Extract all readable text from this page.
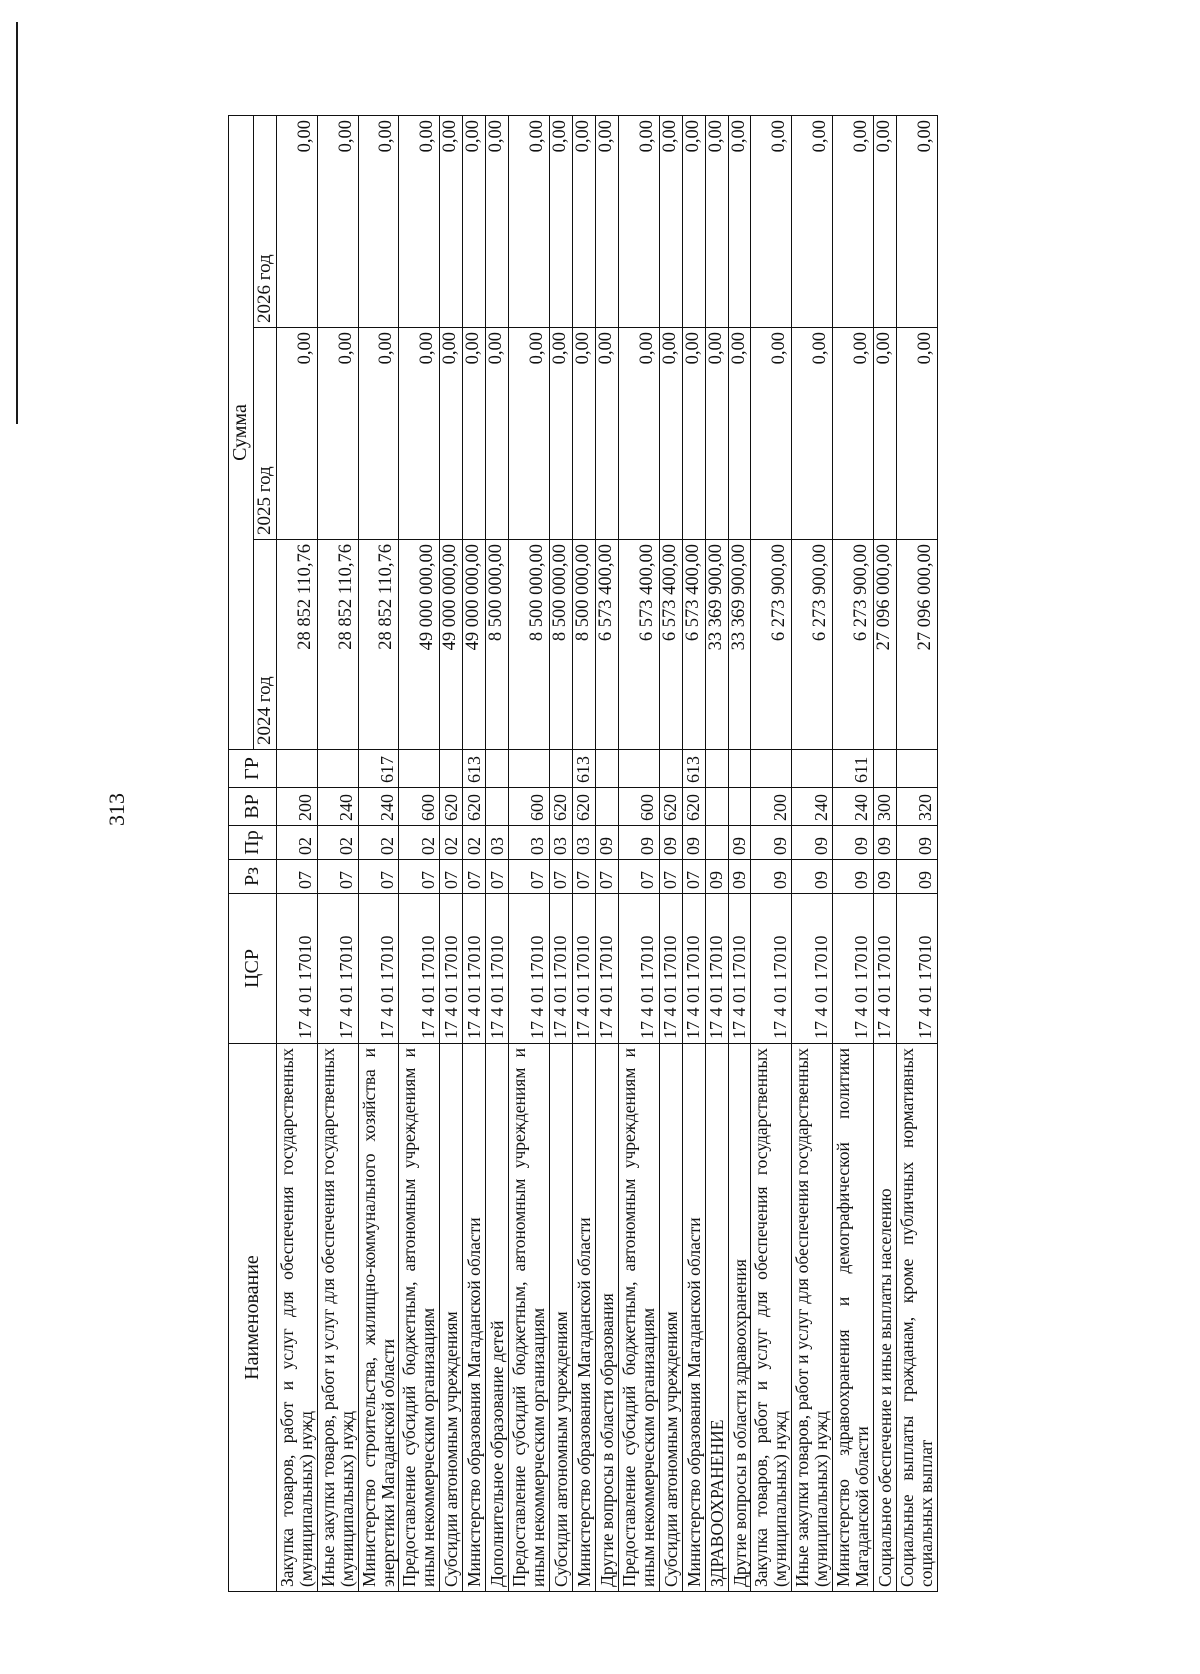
313
Наименование	ЦСР	Рз	Пр	ВР	ГР	Сумма		
						2024 год	2025 год	2026 год
Закупка товаров, работ и услуг для обеспечения государственных (муниципальных) нужд	17 4 01 17010	07	02	200		28 852 110,76	0,00	0,00
Иные закупки товаров, работ и услуг для обеспечения государственных (муниципальных) нужд	17 4 01 17010	07	02	240		28 852 110,76	0,00	0,00
Министерство строительства, жилищно-коммунального хозяйства и энергетики Магаданской области	17 4 01 17010	07	02	240	617	28 852 110,76	0,00	0,00
Предоставление субсидий бюджетным, автономным учреждениям и иным некоммерческим организациям	17 4 01 17010	07	02	600		49 000 000,00	0,00	0,00
Субсидии автономным учреждениям	17 4 01 17010	07	02	620		49 000 000,00	0,00	0,00
Министерство образования Магаданской области	17 4 01 17010	07	02	620	613	49 000 000,00	0,00	0,00
Дополнительное образование детей	17 4 01 17010	07	03			8 500 000,00	0,00	0,00
Предоставление субсидий бюджетным, автономным учреждениям и иным некоммерческим организациям	17 4 01 17010	07	03	600		8 500 000,00	0,00	0,00
Субсидии автономным учреждениям	17 4 01 17010	07	03	620		8 500 000,00	0,00	0,00
Министерство образования Магаданской области	17 4 01 17010	07	03	620	613	8 500 000,00	0,00	0,00
Другие вопросы в области образования	17 4 01 17010	07	09			6 573 400,00	0,00	0,00
Предоставление субсидий бюджетным, автономным учреждениям и иным некоммерческим организациям	17 4 01 17010	07	09	600		6 573 400,00	0,00	0,00
Субсидии автономным учреждениям	17 4 01 17010	07	09	620		6 573 400,00	0,00	0,00
Министерство образования Магаданской области	17 4 01 17010	07	09	620	613	6 573 400,00	0,00	0,00
ЗДРАВООХРАНЕНИЕ	17 4 01 17010	09				33 369 900,00	0,00	0,00
Другие вопросы в области здравоохранения	17 4 01 17010	09	09			33 369 900,00	0,00	0,00
Закупка товаров, работ и услуг для обеспечения государственных (муниципальных) нужд	17 4 01 17010	09	09	200		6 273 900,00	0,00	0,00
Иные закупки товаров, работ и услуг для обеспечения государственных (муниципальных) нужд	17 4 01 17010	09	09	240		6 273 900,00	0,00	0,00
Министерство здравоохранения и демографической политики Магаданской области	17 4 01 17010	09	09	240	611	6 273 900,00	0,00	0,00
Социальное обеспечение и иные выплаты населению	17 4 01 17010	09	09	300		27 096 000,00	0,00	0,00
Социальные выплаты гражданам, кроме публичных нормативных социальных выплат	17 4 01 17010	09	09	320		27 096 000,00	0,00	0,00
